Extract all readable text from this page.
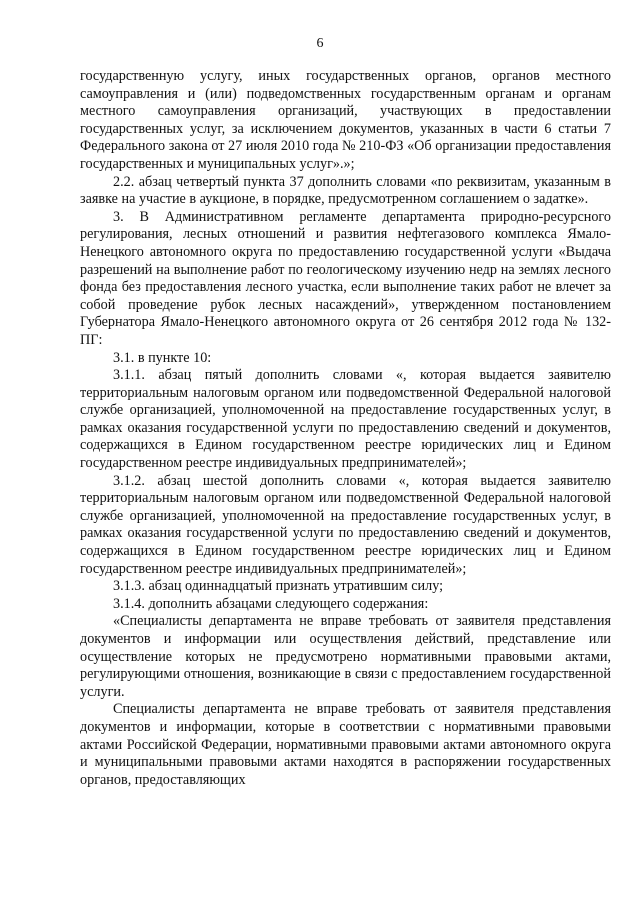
6

государственную услугу, иных государственных органов, органов местного самоуправления и (или) подведомственных государственным органам и органам местного самоуправления организаций, участвующих в предоставлении государственных услуг, за исключением документов, указанных в части 6 статьи 7 Федерального закона от 27 июля 2010 года № 210-ФЗ «Об организации предоставления государственных и муниципальных услуг».»;

2.2. абзац четвертый пункта 37 дополнить словами «по реквизитам, указанным в заявке на участие в аукционе, в порядке, предусмотренном соглашением о задатке».

3. В Административном регламенте департамента природно-ресурсного регулирования, лесных отношений и развития нефтегазового комплекса Ямало-Ненецкого автономного округа по предоставлению государственной услуги «Выдача разрешений на выполнение работ по геологическому изучению недр на землях лесного фонда без предоставления лесного участка, если выполнение таких работ не влечет за собой проведение рубок лесных насаждений», утвержденном постановлением Губернатора Ямало-Ненецкого автономного округа от 26 сентября 2012 года № 132-ПГ:

3.1. в пункте 10:

3.1.1. абзац пятый дополнить словами «, которая выдается заявителю территориальным налоговым органом или подведомственной Федеральной налоговой службе организацией, уполномоченной на предоставление государственных услуг, в рамках оказания государственной услуги по предоставлению сведений и документов, содержащихся в Едином государственном реестре юридических лиц и Едином государственном реестре индивидуальных предпринимателей»;

3.1.2. абзац шестой дополнить словами «, которая выдается заявителю территориальным налоговым органом или подведомственной Федеральной налоговой службе организацией, уполномоченной на предоставление государственных услуг, в рамках оказания государственной услуги по предоставлению сведений и документов, содержащихся в Едином государственном реестре юридических лиц и Едином государственном реестре индивидуальных предпринимателей»;

3.1.3. абзац одиннадцатый признать утратившим силу;

3.1.4. дополнить абзацами следующего содержания:

«Специалисты департамента не вправе требовать от заявителя представления документов и информации или осуществления действий, представление или осуществление которых не предусмотрено нормативными правовыми актами, регулирующими отношения, возникающие в связи с предоставлением государственной услуги.

Специалисты департамента не вправе требовать от заявителя представления документов и информации, которые в соответствии с нормативными правовыми актами Российской Федерации, нормативными правовыми актами автономного округа и муниципальными правовыми актами находятся в распоряжении государственных органов, предоставляющих
